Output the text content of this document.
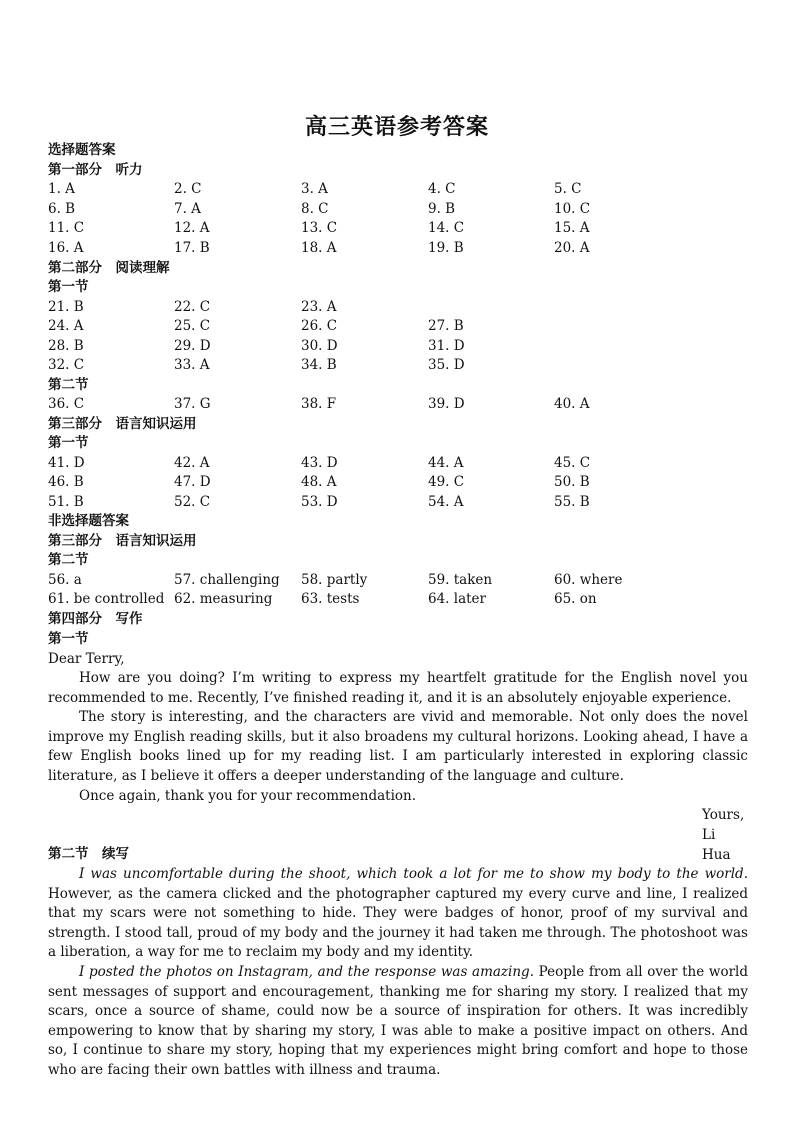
高三英语参考答案
选择题答案
第一部分　听力
1. A	2. C	3. A	4. C	5. C
6. B	7. A	8. C	9. B	10. C
11. C	12. A	13. C	14. C	15. A
16. A	17. B	18. A	19. B	20. A
第二部分　阅读理解
第一节
21. B	22. C	23. A
24. A	25. C	26. C	27. B
28. B	29. D	30. D	31. D
32. C	33. A	34. B	35. D
第二节
36. C	37. G	38. F	39. D	40. A
第三部分　语言知识运用
第一节
41. D	42. A	43. D	44. A	45. C
46. B	47. D	48. A	49. C	50. B
51. B	52. C	53. D	54. A	55. B
非选择题答案
第三部分　语言知识运用
第二节
56. a	57. challenging 58. partly	59. taken	60. where
61. be controlled 62. measuring 63. tests	64. later	65. on
第四部分　写作
第一节
Dear Terry,

How are you doing? I’m writing to express my heartfelt gratitude for the English novel you recommended to me. Recently, I’ve finished reading it, and it is an absolutely enjoyable experience.

The story is interesting, and the characters are vivid and memorable. Not only does the novel improve my English reading skills, but it also broadens my cultural horizons. Looking ahead, I have a few English books lined up for my reading list. I am particularly interested in exploring classic literature, as I believe it offers a deeper understanding of the language and culture.

Once again, thank you for your recommendation.

Yours,
Li Hua
第二节　续写

I was uncomfortable during the shoot, which took a lot for me to show my body to the world. However, as the camera clicked and the photographer captured my every curve and line, I realized that my scars were not something to hide. They were badges of honor, proof of my survival and strength. I stood tall, proud of my body and the journey it had taken me through. The photoshoot was a liberation, a way for me to reclaim my body and my identity.

I posted the photos on Instagram, and the response was amazing. People from all over the world sent messages of support and encouragement, thanking me for sharing my story. I realized that my scars, once a source of shame, could now be a source of inspiration for others. It was incredibly empowering to know that by sharing my story, I was able to make a positive impact on others. And so, I continue to share my story, hoping that my experiences might bring comfort and hope to those who are facing their own battles with illness and trauma.
